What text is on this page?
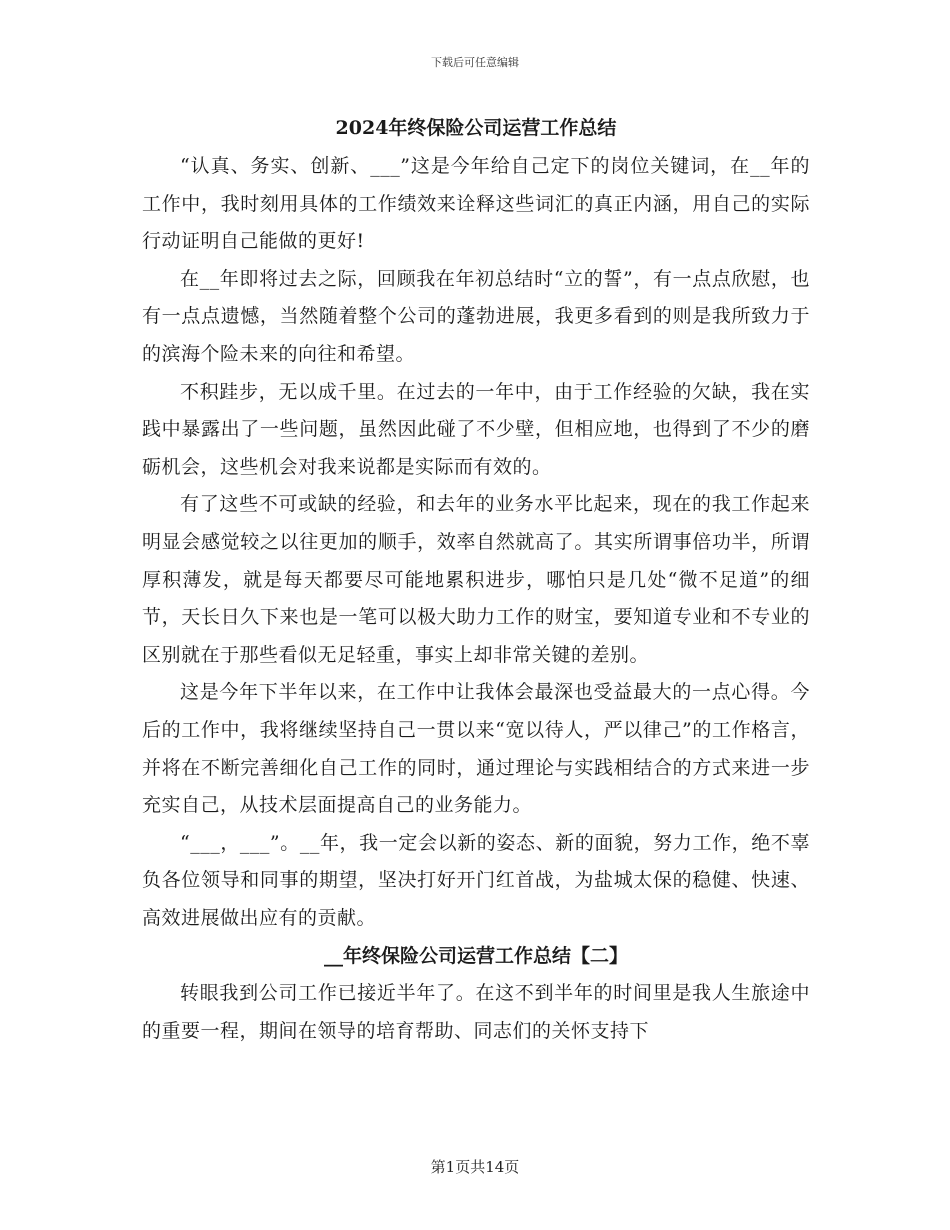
下载后可任意编辑
2024年终保险公司运营工作总结

“认真、务实、创新、___”这是今年给自己定下的岗位关键词，在__年的工作中，我时刻用具体的工作绩效来诠释这些词汇的真正内涵，用自己的实际行动证明自己能做的更好!

在__年即将过去之际，回顾我在年初总结时“立的誓”，有一点点欣慰，也有一点点遗憾，当然随着整个公司的蓬勃进展，我更多看到的则是我所致力于的滨海个险未来的向往和希望。

不积跬步，无以成千里。在过去的一年中，由于工作经验的欠缺，我在实践中暴露出了一些问题，虽然因此碰了不少壁，但相应地，也得到了不少的磨砺机会，这些机会对我来说都是实际而有效的。

有了这些不可或缺的经验，和去年的业务水平比起来，现在的我工作起来明显会感觉较之以往更加的顺手，效率自然就高了。其实所谓事倍功半，所谓厚积薄发，就是每天都要尽可能地累积进步，哪怕只是几处“微不足道”的细节，天长日久下来也是一笔可以极大助力工作的财宝，要知道专业和不专业的区别就在于那些看似无足轻重，事实上却非常关键的差别。

这是今年下半年以来，在工作中让我体会最深也受益最大的一点心得。今后的工作中，我将继续坚持自己一贯以来“宽以待人，严以律己”的工作格言，并将在不断完善细化自己工作的同时，通过理论与实践相结合的方式来进一步充实自己，从技术层面提高自己的业务能力。

“___，___”。__年，我一定会以新的姿态、新的面貌，努力工作，绝不辜负各位领导和同事的期望，坚决打好开门红首战，为盐城太保的稳健、快速、高效进展做出应有的贡献。

__年终保险公司运营工作总结【二】

转眼我到公司工作已接近半年了。在这不到半年的时间里是我人生旅途中的重要一程，期间在领导的培育帮助、同志们的关怀支持下

第1页共14页
